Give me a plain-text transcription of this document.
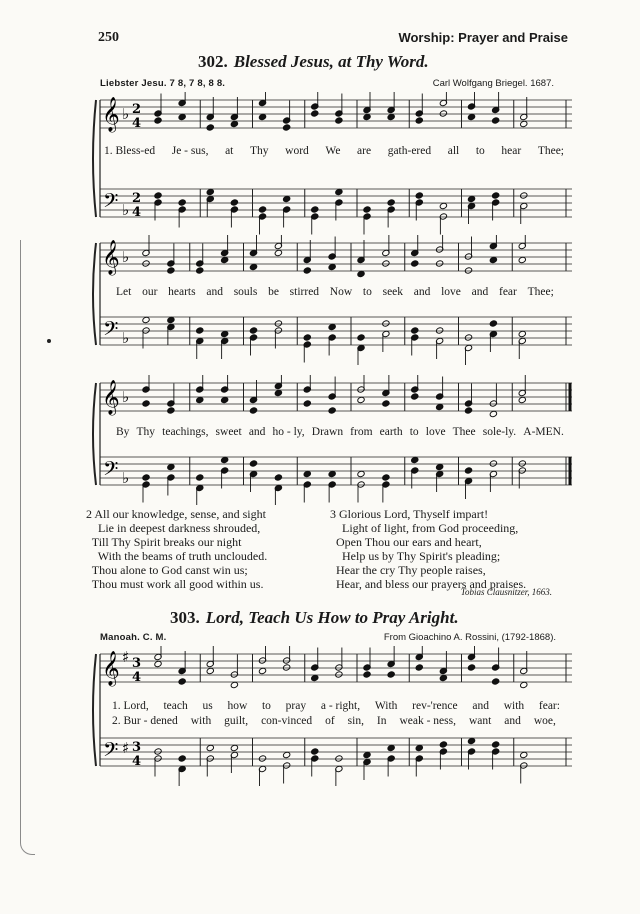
250	Worship: Prayer and Praise
302. Blessed Jesus, at Thy Word.
Liebster Jesu. 7 8, 7 8, 8 8.	Carl Wolfgang Briegel. 1687.
𝄞
𝄢
♭
♭
2
4
2
4
𝄞
𝄢
♭
♭
𝄞
𝄢
♭
♭
1. Bless-ed Je - sus, at Thy word We are gath-ered all to hear Thee;
Let our hearts and souls be stirred Now to seek and love and fear Thee;
By Thy teachings, sweet and ho - ly, Drawn from earth to love Thee sole-ly. A-MEN.
2 All our knowledge, sense, and sight
Lie in deepest darkness shrouded,
Till Thy Spirit breaks our night
With the beams of truth unclouded.
Thou alone to God canst win us;
Thou must work all good within us.
3 Glorious Lord, Thyself impart!
Light of light, from God proceeding,
Open Thou our ears and heart,
Help us by Thy Spirit's pleading;
Hear the cry Thy people raises,
Hear, and bless our prayers and praises.
Tobias Clausnitzer, 1663.
303. Lord, Teach Us How to Pray Aright.
Manoah. C. M.	From Gioachino A. Rossini, (1792-1868).
𝄞
𝄢
♯
♯
3
4
3
4
1. Lord, teach us how to pray a - right, With rev-'rence and with fear:
2. Bur - dened with guilt, con-vinced of sin, In weak - ness, want and woe,
